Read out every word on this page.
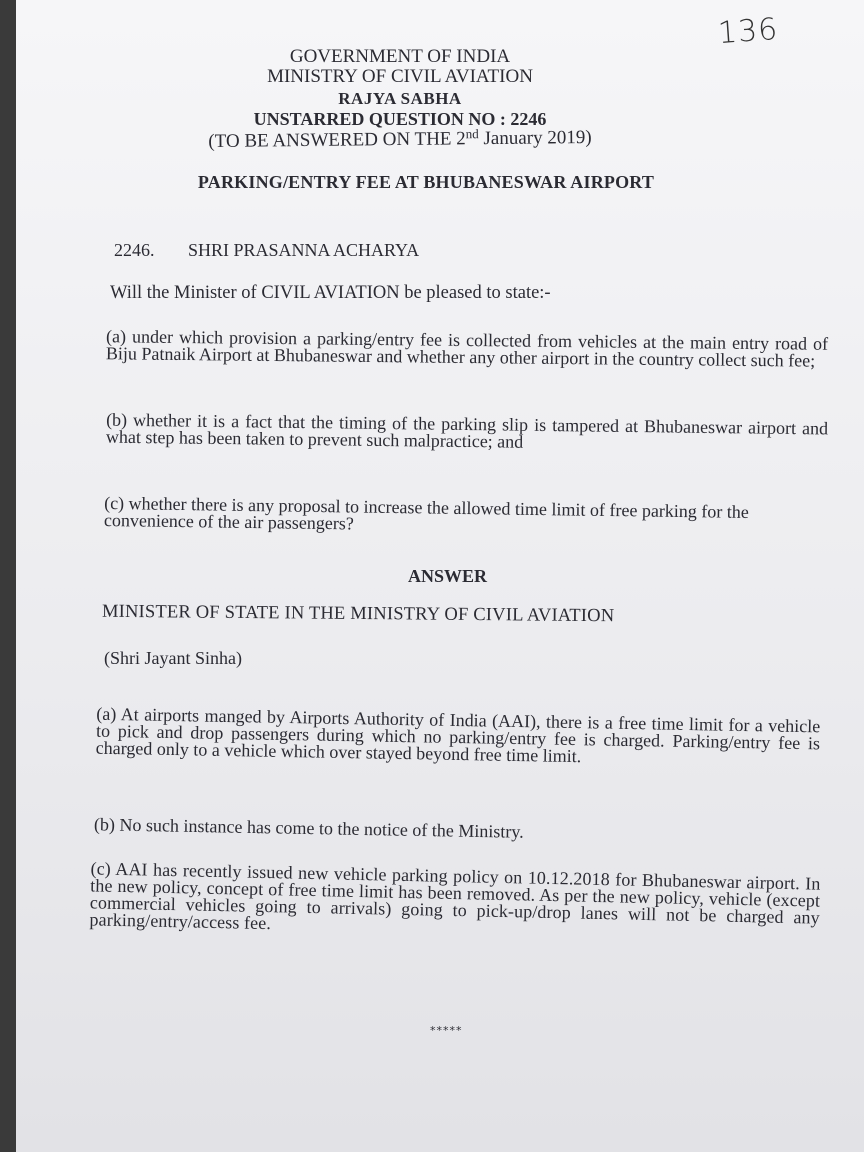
136
GOVERNMENT OF INDIA
MINISTRY OF CIVIL AVIATION
RAJYA SABHA
UNSTARRED QUESTION NO : 2246
(TO BE ANSWERED ON THE 2nd January 2019)
PARKING/ENTRY FEE AT BHUBANESWAR AIRPORT
2246. SHRI PRASANNA ACHARYA
Will the Minister of CIVIL AVIATION be pleased to state:-
(a) under which provision a parking/entry fee is collected from vehicles at the main entry road of Biju Patnaik Airport at Bhubaneswar and whether any other airport in the country collect such fee;
(b) whether it is a fact that the timing of the parking slip is tampered at Bhubaneswar airport and what step has been taken to prevent such malpractice; and
(c) whether there is any proposal to increase the allowed time limit of free parking for the convenience of the air passengers?
ANSWER
MINISTER OF STATE IN THE MINISTRY OF CIVIL AVIATION
(Shri Jayant Sinha)
(a) At airports manged by Airports Authority of India (AAI), there is a free time limit for a vehicle to pick and drop passengers during which no parking/entry fee is charged. Parking/entry fee is charged only to a vehicle which over stayed beyond free time limit.
(b) No such instance has come to the notice of the Ministry.
(c) AAI has recently issued new vehicle parking policy on 10.12.2018 for Bhubaneswar airport. In the new policy, concept of free time limit has been removed. As per the new policy, vehicle (except commercial vehicles going to arrivals) going to pick-up/drop lanes will not be charged any parking/entry/access fee.
*****
